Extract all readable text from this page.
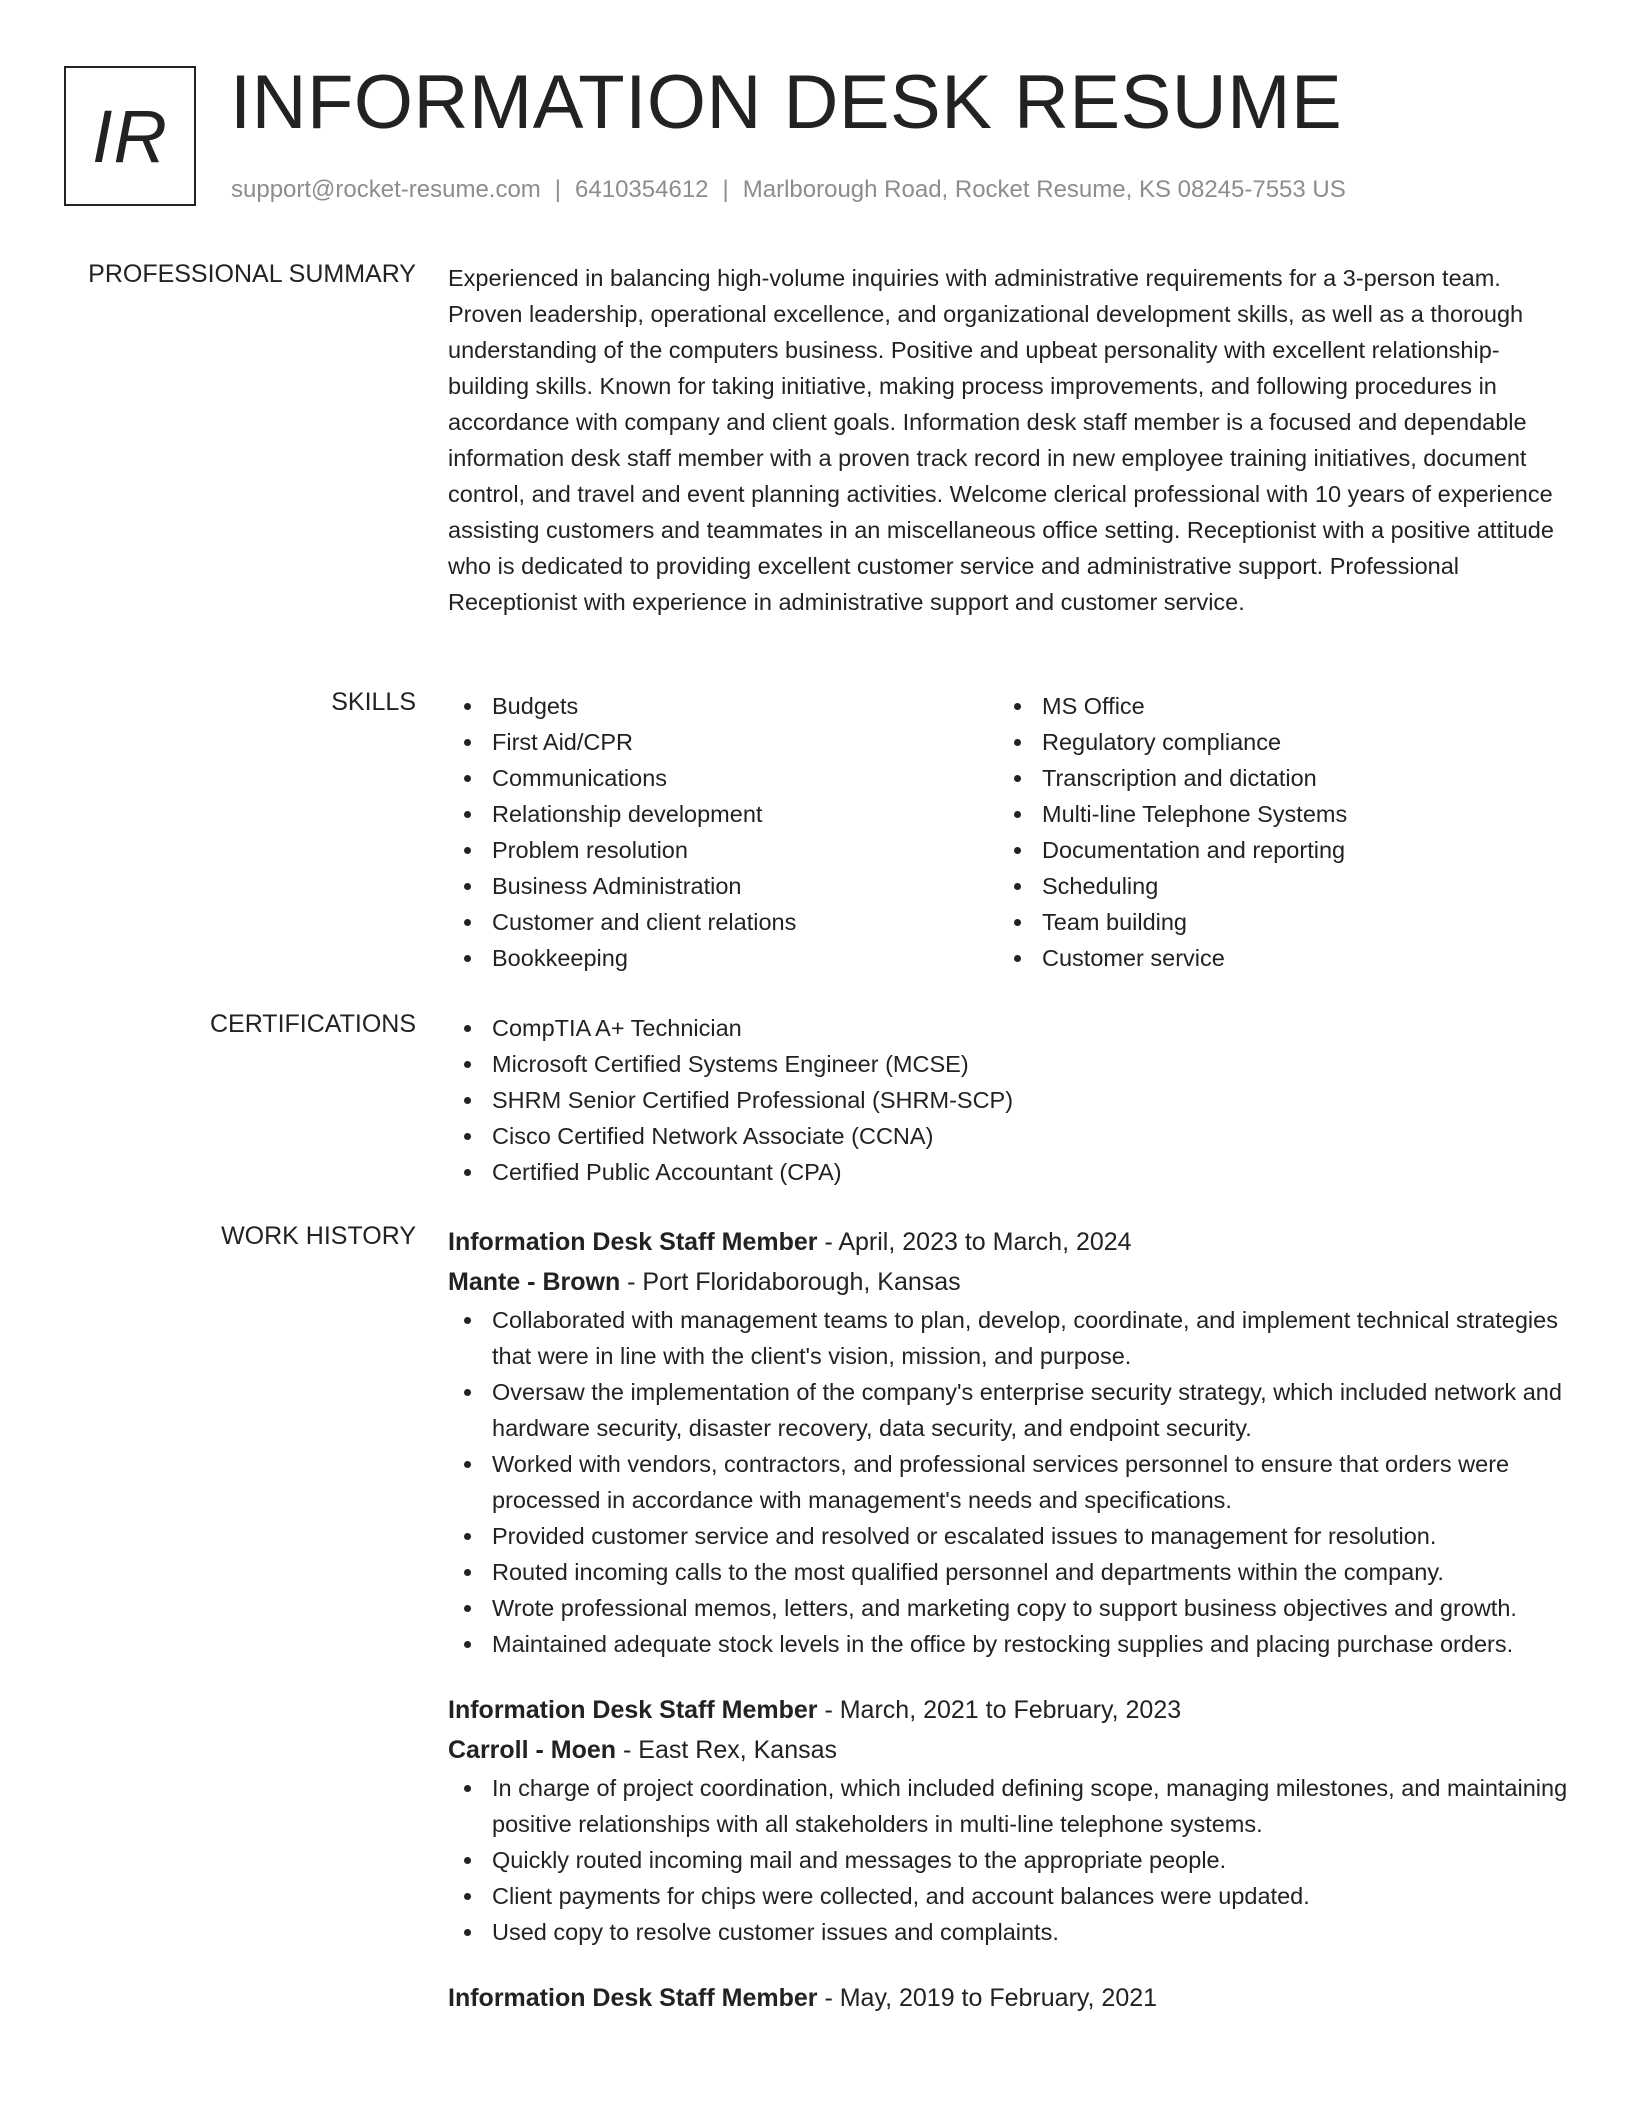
IR INFORMATION DESK RESUME
support@rocket-resume.com | 6410354612 | Marlborough Road, Rocket Resume, KS 08245-7553 US
PROFESSIONAL SUMMARY Experienced in balancing high-volume inquiries with administrative requirements for a 3-person team. Proven leadership, operational excellence, and organizational development skills, as well as a thorough understanding of the computers business. Positive and upbeat personality with excellent relationship-building skills. Known for taking initiative, making process improvements, and following procedures in accordance with company and client goals. Information desk staff member is a focused and dependable information desk staff member with a proven track record in new employee training initiatives, document control, and travel and event planning activities. Welcome clerical professional with 10 years of experience assisting customers and teammates in an miscellaneous office setting. Receptionist with a positive attitude who is dedicated to providing excellent customer service and administrative support. Professional Receptionist with experience in administrative support and customer service.

SKILLS	Budgets
First Aid/CPR
Communications
Relationship development
Problem resolution
Business Administration
Customer and client relations
Bookkeeping
MS Office
Regulatory compliance
Transcription and dictation
Multi-line Telephone Systems
Documentation and reporting
Scheduling
Team building
Customer service
CERTIFICATIONS	CompTIA A+ Technician
Microsoft Certified Systems Engineer (MCSE)
SHRM Senior Certified Professional (SHRM-SCP)
Cisco Certified Network Associate (CCNA)
Certified Public Accountant (CPA)
WORK HISTORY Information Desk Staff Member - April, 2023 to March, 2024
Mante - Brown - Port Floridaborough, Kansas
Collaborated with management teams to plan, develop, coordinate, and implement technical strategies that were in line with the client's vision, mission, and purpose.
Oversaw the implementation of the company's enterprise security strategy, which included network and hardware security, disaster recovery, data security, and endpoint security.
Worked with vendors, contractors, and professional services personnel to ensure that orders were processed in accordance with management's needs and specifications.
Provided customer service and resolved or escalated issues to management for resolution.
Routed incoming calls to the most qualified personnel and departments within the company.
Wrote professional memos, letters, and marketing copy to support business objectives and growth.
Maintained adequate stock levels in the office by restocking supplies and placing purchase orders.
Information Desk Staff Member - March, 2021 to February, 2023
Carroll - Moen - East Rex, Kansas
In charge of project coordination, which included defining scope, managing milestones, and maintaining positive relationships with all stakeholders in multi-line telephone systems.
Quickly routed incoming mail and messages to the appropriate people.
Client payments for chips were collected, and account balances were updated.
Used copy to resolve customer issues and complaints.
Information Desk Staff Member - May, 2019 to February, 2021
